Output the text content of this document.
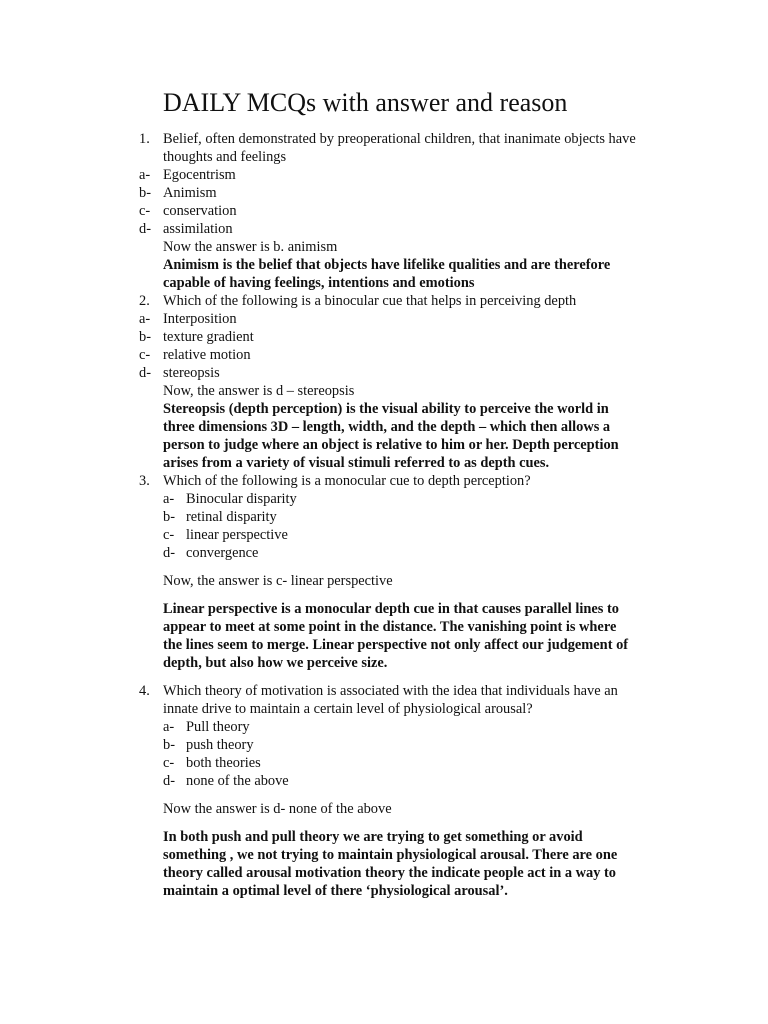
DAILY MCQs with answer and reason
1. Belief, often demonstrated by preoperational children, that inanimate objects have
thoughts and feelings
a- Egocentrism
b- Animism
c- conservation
d- assimilation
Now the answer is b. animism
Animism is the belief that objects have lifelike qualities and are therefore
capable of having feelings, intentions and emotions
2. Which of the following is a binocular cue that helps in perceiving depth
a- Interposition
b- texture gradient
c- relative motion
d- stereopsis
Now, the answer is d – stereopsis
Stereopsis (depth perception) is the visual ability to perceive the world in
three dimensions 3D – length, width, and the depth – which then allows a
person to judge where an object is relative to him or her. Depth perception
arises from a variety of visual stimuli referred to as depth cues.
3. Which of the following is a monocular cue to depth perception?
a- Binocular disparity
b- retinal disparity
c- linear perspective
d- convergence
Now, the answer is c- linear perspective
Linear perspective is a monocular depth cue in that causes parallel lines to
appear to meet at some point in the distance. The vanishing point is where
the lines seem to merge. Linear perspective not only affect our judgement of
depth, but also how we perceive size.
4. Which theory of motivation is associated with the idea that individuals have an
innate drive to maintain a certain level of physiological arousal?
a- Pull theory
b- push theory
c- both theories
d- none of the above
Now the answer is d- none of the above
In both push and pull theory we are trying to get something or avoid
something , we not trying to maintain physiological arousal. There are one
theory called arousal motivation theory the indicate people act in a way to
maintain a optimal level of there ‘physiological arousal’.
